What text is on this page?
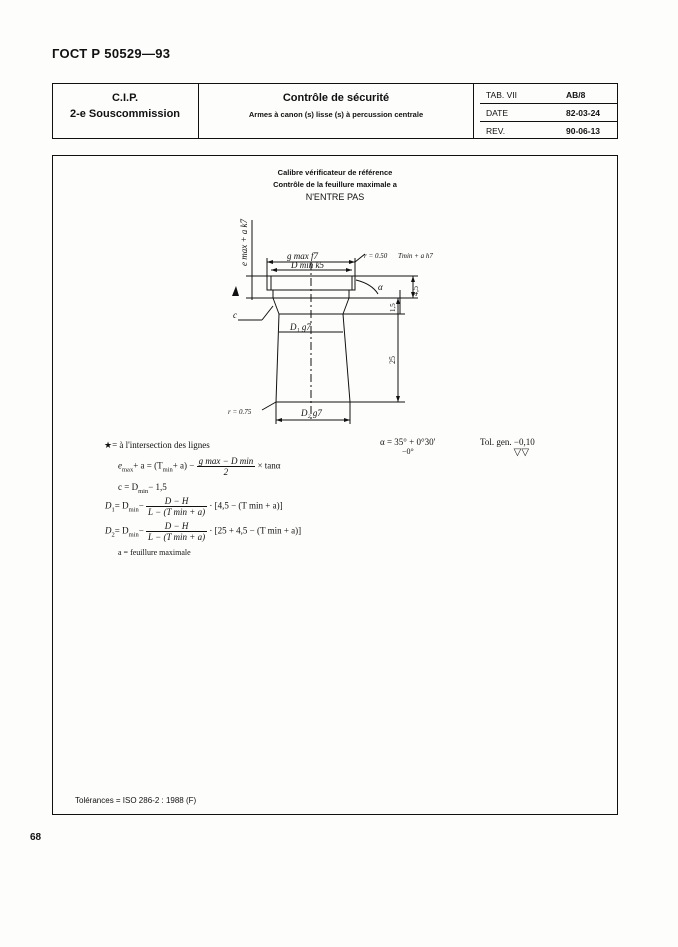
ГОСТ Р 50529—93
C.I.P.
2-e Souscommission
Contrôle de sécurité
Armes à canon (s) lisse (s) à percussion centrale
TAB. VII	AB/8
DATE	82-03-24
REV.	90-06-13
Calibre vérificateur de référence
Contrôle de la feuillure maximale a
N'ENTRE PAS
e max + a k7	g max f7
D min k5
r = 0.50 Tmin + a h7
c
D₁ g7
D₂ g7
4,5
1,5
α
25
r = 0.75
★= à l'intersection des lignes	α = 35° + 0°30'
−0°
Tol. gen. −0,10
▽▽
$e_{max}+ a = (T_{min}+ a) - \frac{\text{g max − D min}}{2} \times \tan\alpha$
$c = D_{min}- 1,5$
$D_1= D_{min}- \frac{D - H}{\text{L − (T min + a)}} \cdot [4,5 - (T$ min + a)]
$D_2= D_{min}- \frac{D - H}{\text{L − (T min + a)}} \cdot [25 + 4,5 - (T$ min + a)]
a = feuillure maximale
Tolérances = ISO 286-2 : 1988 (F)
68
